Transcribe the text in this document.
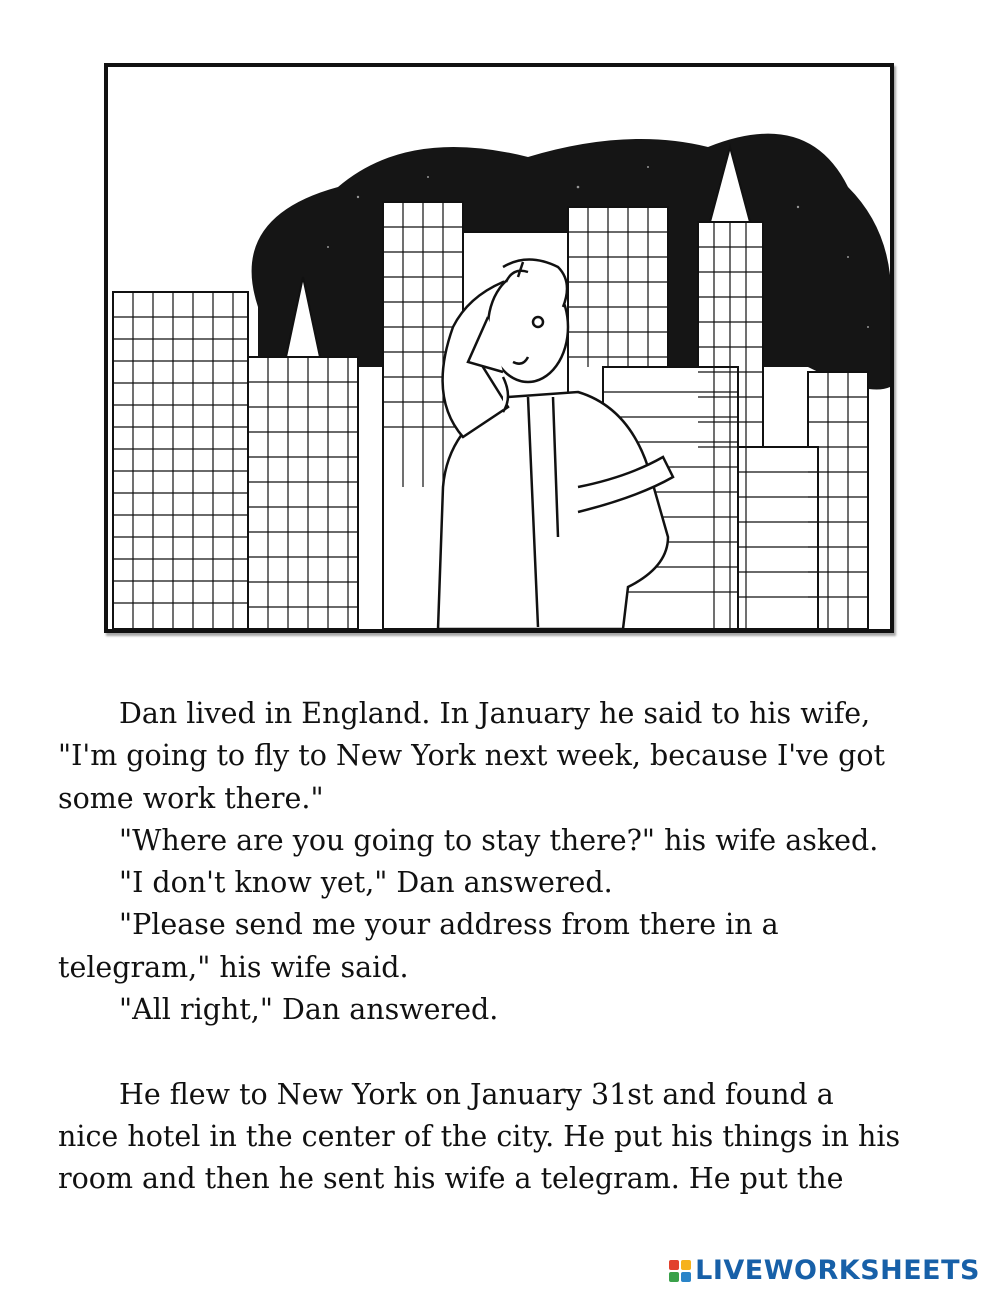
Dan lived in England. In January he said to his wife,

"I'm going to fly to New York next week, because I've got

some work there."

"Where are you going to stay there?" his wife asked.

"I don't know yet," Dan answered.

"Please send me your address from there in a

telegram," his wife said.

"All right," Dan answered.

He flew to New York on January 31st and found a

nice hotel in the center of the city. He put his things in his

room and then he sent his wife a telegram. He put the

LIVEWORKSHEETS
